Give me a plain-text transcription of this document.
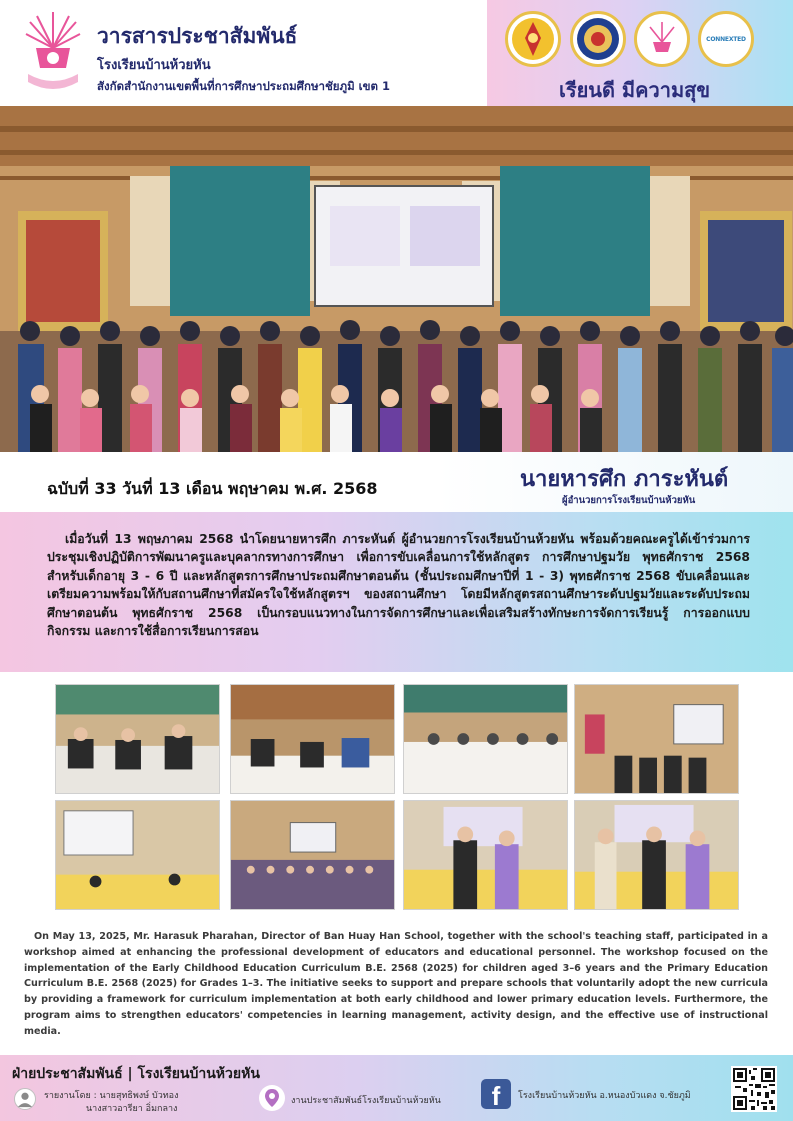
วารสารประชาสัมพันธ์
โรงเรียนบ้านห้วยหัน
สังกัดสำนักงานเขตพื้นที่การศึกษาประถมศึกษาชัยภูมิ เขต 1
CONNEXTED
เรียนดี มีความสุข
ฉบับที่ 33 วันที่ 13 เดือน พฤษาคม พ.ศ. 2568	นายหารศึก ภาระหันต์
ผู้อำนวยการโรงเรียนบ้านห้วยหัน

เมื่อวันที่ 13 พฤษภาคม 2568 นำโดยนายหารศึก ภาระหันต์ ผู้อำนวยการโรงเรียนบ้านห้วยหัน พร้อมด้วยคณะครูได้เข้าร่วมการประชุมเชิงปฏิบัติการพัฒนาครูและบุคลากรทางการศึกษา เพื่อการขับเคลื่อนการใช้หลักสูตร การศึกษาปฐมวัย พุทธศักราช 2568 สำหรับเด็กอายุ 3 - 6 ปี และหลักสูตรการศึกษาประถมศึกษาตอนต้น (ชั้นประถมศึกษาปีที่ 1 - 3) พุทธศักราช 2568 ขับเคลื่อนและเตรียมความพร้อมให้กับสถานศึกษาที่สมัครใจใช้หลักสูตรฯ ของสถานศึกษา โดยมีหลักสูตรสถานศึกษาระดับปฐมวัยและระดับประถมศึกษาตอนต้น พุทธศักราช 2568 เป็นกรอบแนวทางในการจัดการศึกษาและเพื่อเสริมสร้างทักษะการจัดการเรียนรู้ การออกแบบกิจกรรม และการใช้สื่อการเรียนการสอน

On May 13, 2025, Mr. Harasuk Pharahan, Director of Ban Huay Han School, together with the school's teaching staff, participated in a workshop aimed at enhancing the professional development of educators and educational personnel. The workshop focused on the implementation of the Early Childhood Education Curriculum B.E. 2568 (2025) for children aged 3–6 years and the Primary Education Curriculum B.E. 2568 (2025) for Grades 1–3. The initiative seeks to support and prepare schools that voluntarily adopt the new curricula by providing a framework for curriculum implementation at both early childhood and lower primary education levels. Furthermore, the program aims to strengthen educators' competencies in learning management, activity design, and the effective use of instructional media.

ฝ่ายประชาสัมพันธ์ | โรงเรียนบ้านห้วยหัน
รายงานโดย : นายสุทธิพงษ์ บัวทอง
นางสาวอารียา อิ่มกลาง
งานประชาสัมพันธ์โรงเรียนบ้านห้วยหัน	f	โรงเรียนบ้านห้วยหัน อ.หนองบัวแดง จ.ชัยภูมิ
